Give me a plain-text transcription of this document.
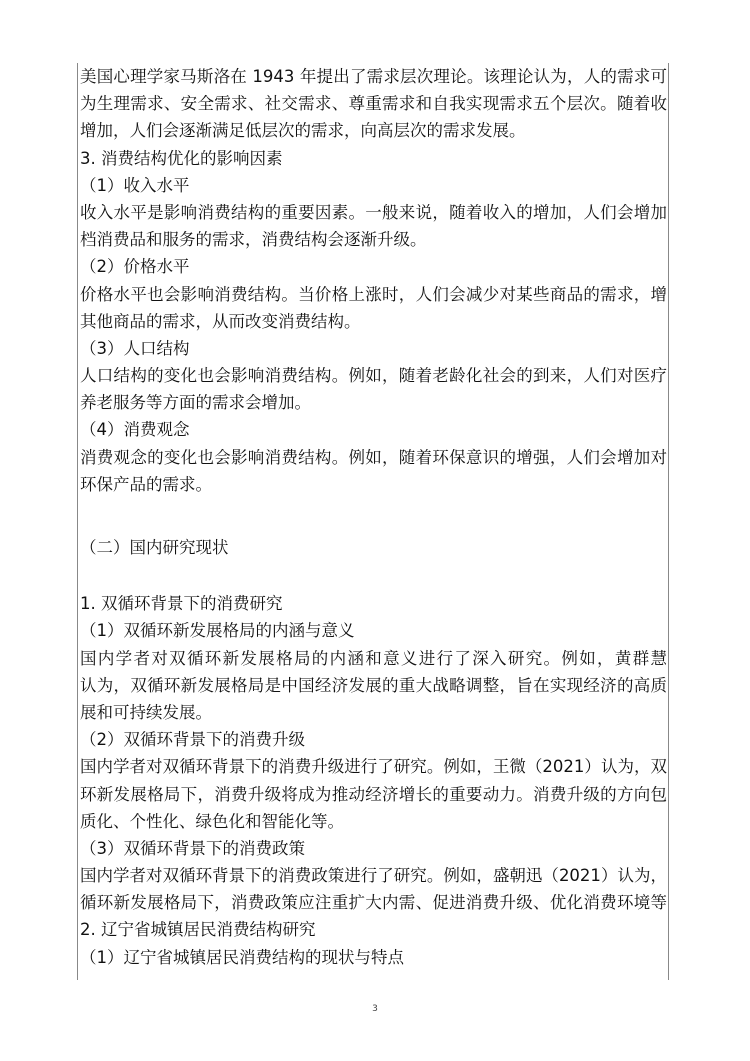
美国心理学家马斯洛在 1943 年提出了需求层次理论。该理论认为，人的需求可
为生理需求、安全需求、社交需求、尊重需求和自我实现需求五个层次。随着收
增加，人们会逐渐满足低层次的需求，向高层次的需求发展。
3. 消费结构优化的影响因素
（1）收入水平
收入水平是影响消费结构的重要因素。一般来说，随着收入的增加，人们会增加
档消费品和服务的需求，消费结构会逐渐升级。
（2）价格水平
价格水平也会影响消费结构。当价格上涨时，人们会减少对某些商品的需求，增
其他商品的需求，从而改变消费结构。
（3）人口结构
人口结构的变化也会影响消费结构。例如，随着老龄化社会的到来，人们对医疗
养老服务等方面的需求会增加。
（4）消费观念
消费观念的变化也会影响消费结构。例如，随着环保意识的增强，人们会增加对
环保产品的需求。
（二）国内研究现状
1. 双循环背景下的消费研究
（1）双循环新发展格局的内涵与意义
国内学者对双循环新发展格局的内涵和意义进行了深入研究。例如，黄群慧
认为，双循环新发展格局是中国经济发展的重大战略调整，旨在实现经济的高质
展和可持续发展。
（2）双循环背景下的消费升级
国内学者对双循环背景下的消费升级进行了研究。例如，王微（2021）认为，双
环新发展格局下，消费升级将成为推动经济增长的重要动力。消费升级的方向包
质化、个性化、绿色化和智能化等。
（3）双循环背景下的消费政策
国内学者对双循环背景下的消费政策进行了研究。例如，盛朝迅（2021）认为，
循环新发展格局下，消费政策应注重扩大内需、促进消费升级、优化消费环境等
2. 辽宁省城镇居民消费结构研究
（1）辽宁省城镇居民消费结构的现状与特点
3
